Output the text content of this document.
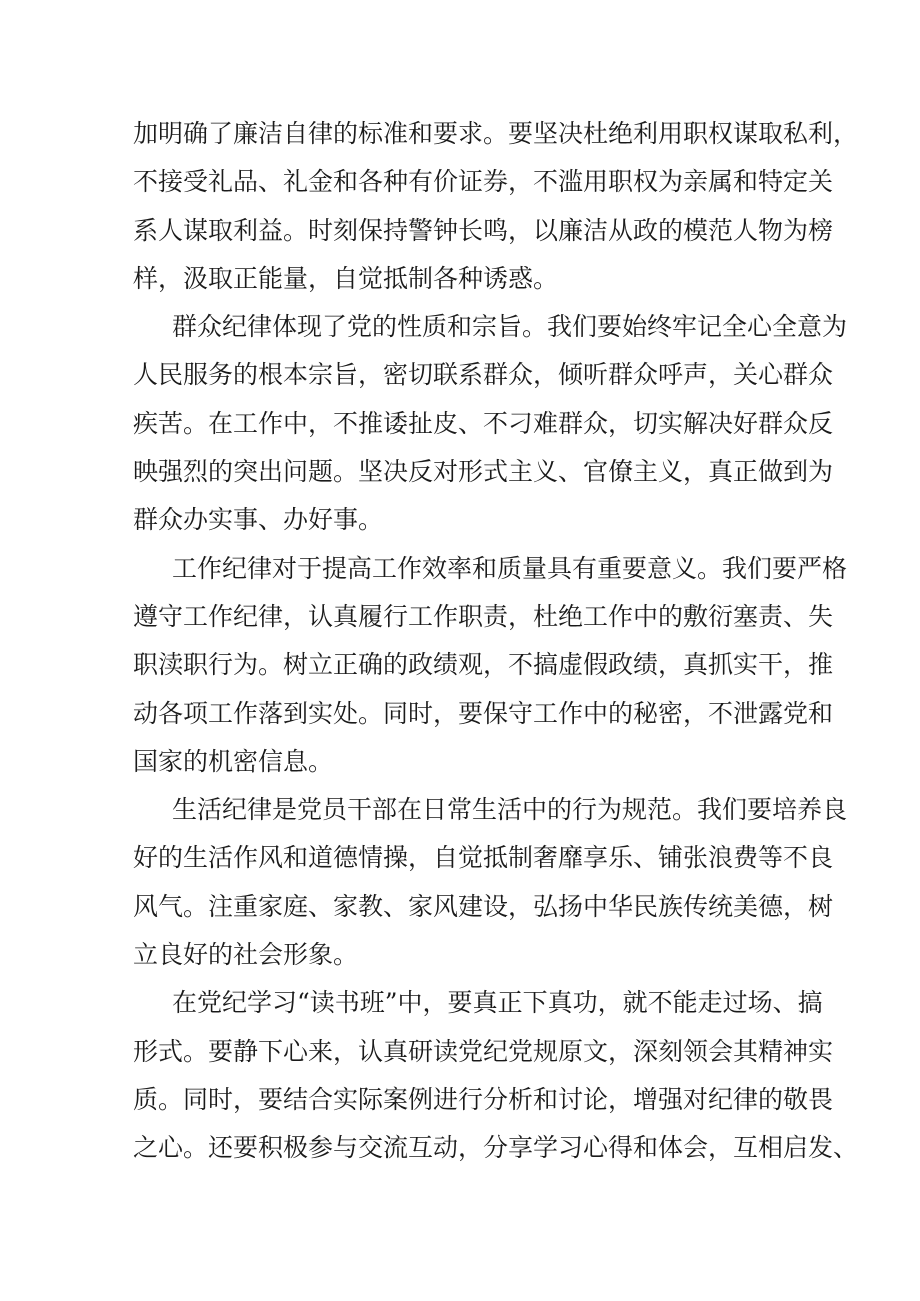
加明确了廉洁自律的标准和要求。要坚决杜绝利用职权谋取私利，
不接受礼品、礼金和各种有价证券，不滥用职权为亲属和特定关
系人谋取利益。时刻保持警钟长鸣，以廉洁从政的模范人物为榜
样，汲取正能量，自觉抵制各种诱惑。
群众纪律体现了党的性质和宗旨。我们要始终牢记全心全意为
人民服务的根本宗旨，密切联系群众，倾听群众呼声，关心群众
疾苦。在工作中，不推诿扯皮、不刁难群众，切实解决好群众反
映强烈的突出问题。坚决反对形式主义、官僚主义，真正做到为
群众办实事、办好事。
工作纪律对于提高工作效率和质量具有重要意义。我们要严格
遵守工作纪律，认真履行工作职责，杜绝工作中的敷衍塞责、失
职渎职行为。树立正确的政绩观，不搞虚假政绩，真抓实干，推
动各项工作落到实处。同时，要保守工作中的秘密，不泄露党和
国家的机密信息。
生活纪律是党员干部在日常生活中的行为规范。我们要培养良
好的生活作风和道德情操，自觉抵制奢靡享乐、铺张浪费等不良
风气。注重家庭、家教、家风建设，弘扬中华民族传统美德，树
立良好的社会形象。
在党纪学习“读书班”中，要真正下真功，就不能走过场、搞
形式。要静下心来，认真研读党纪党规原文，深刻领会其精神实
质。同时，要结合实际案例进行分析和讨论，增强对纪律的敬畏
之心。还要积极参与交流互动，分享学习心得和体会，互相启发、
